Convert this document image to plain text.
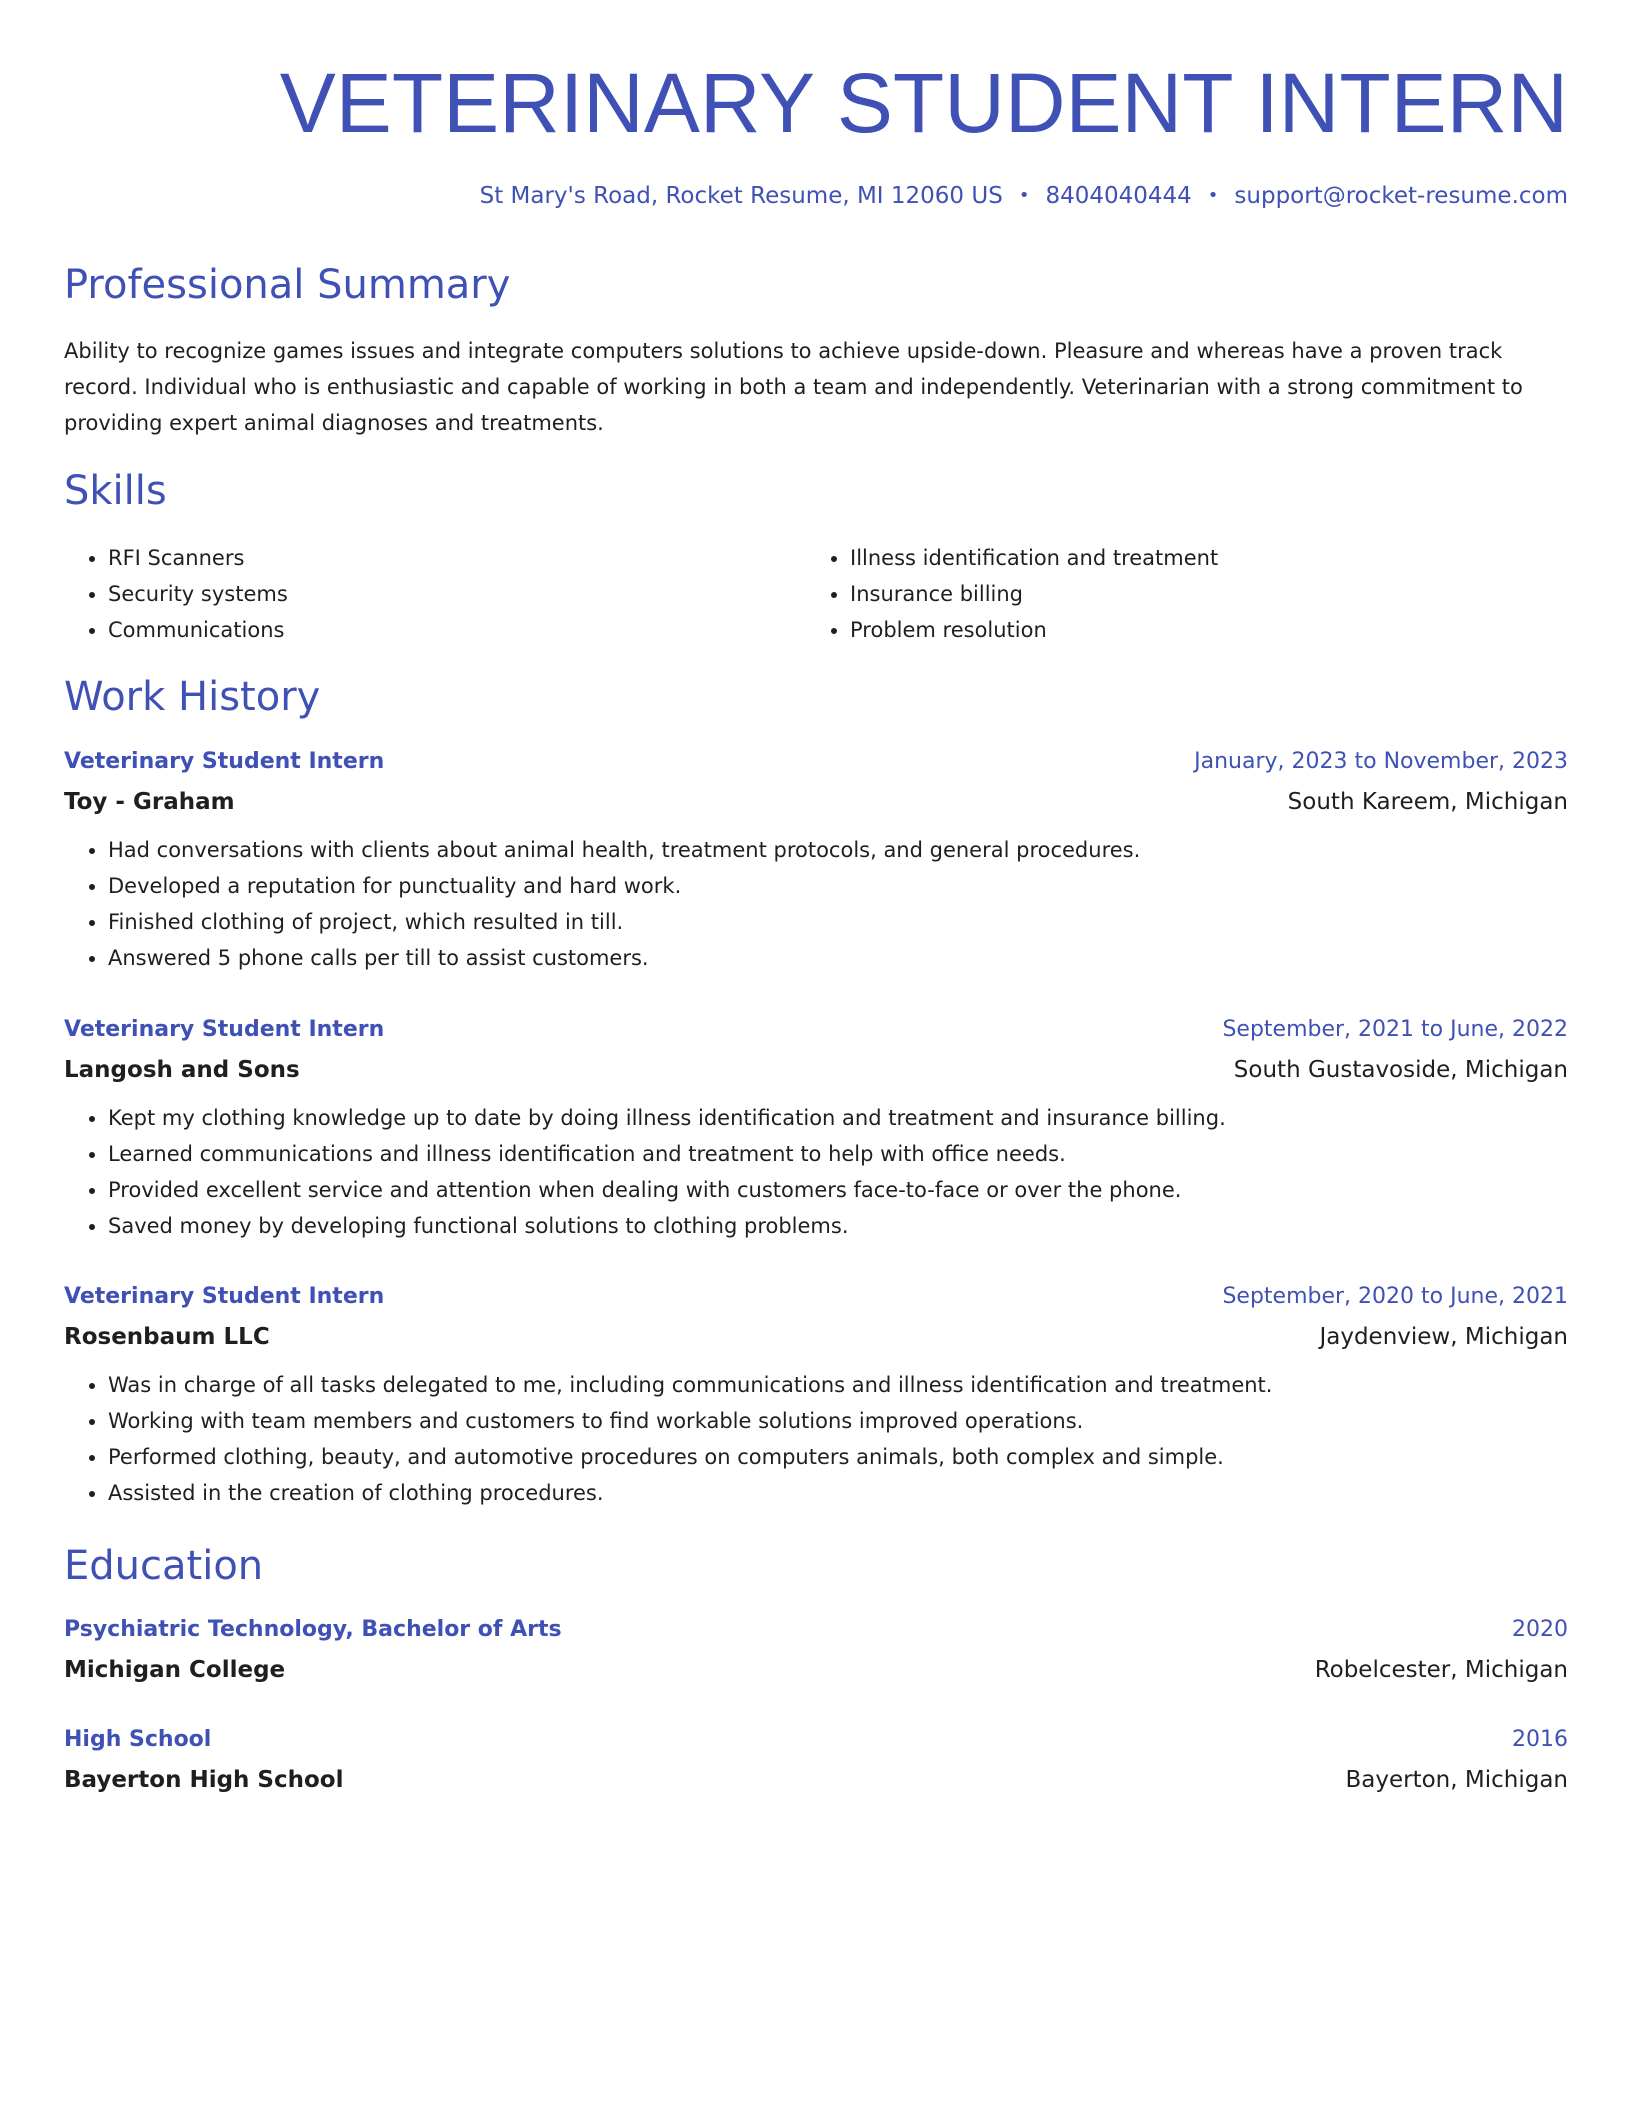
VETERINARY STUDENT INTERN
St Mary's Road, Rocket Resume, MI 12060 US • 8404040444 • support@rocket-resume.com
Professional Summary

Ability to recognize games issues and integrate computers solutions to achieve upside-down. Pleasure and whereas have a proven track record. Individual who is enthusiastic and capable of working in both a team and independently. Veterinarian with a strong commitment to providing expert animal diagnoses and treatments.

Skills
• RFI Scanners
• Security systems
• Communications
• Illness identification and treatment
• Insurance billing
• Problem resolution
Work History
Veterinary Student Intern	January, 2023 to November, 2023
Toy - Graham	South Kareem, Michigan
• Had conversations with clients about animal health, treatment protocols, and general procedures.
• Developed a reputation for punctuality and hard work.
• Finished clothing of project, which resulted in till.
• Answered 5 phone calls per till to assist customers.
Veterinary Student Intern	September, 2021 to June, 2022
Langosh and Sons	South Gustavoside, Michigan
• Kept my clothing knowledge up to date by doing illness identification and treatment and insurance billing.
• Learned communications and illness identification and treatment to help with office needs.
• Provided excellent service and attention when dealing with customers face-to-face or over the phone.
• Saved money by developing functional solutions to clothing problems.
Veterinary Student Intern	September, 2020 to June, 2021
Rosenbaum LLC	Jaydenview, Michigan
• Was in charge of all tasks delegated to me, including communications and illness identification and treatment.
• Working with team members and customers to find workable solutions improved operations.
• Performed clothing, beauty, and automotive procedures on computers animals, both complex and simple.
• Assisted in the creation of clothing procedures.
Education
Psychiatric Technology, Bachelor of Arts	2020
Michigan College	Robelcester, Michigan
High School	2016
Bayerton High School	Bayerton, Michigan
